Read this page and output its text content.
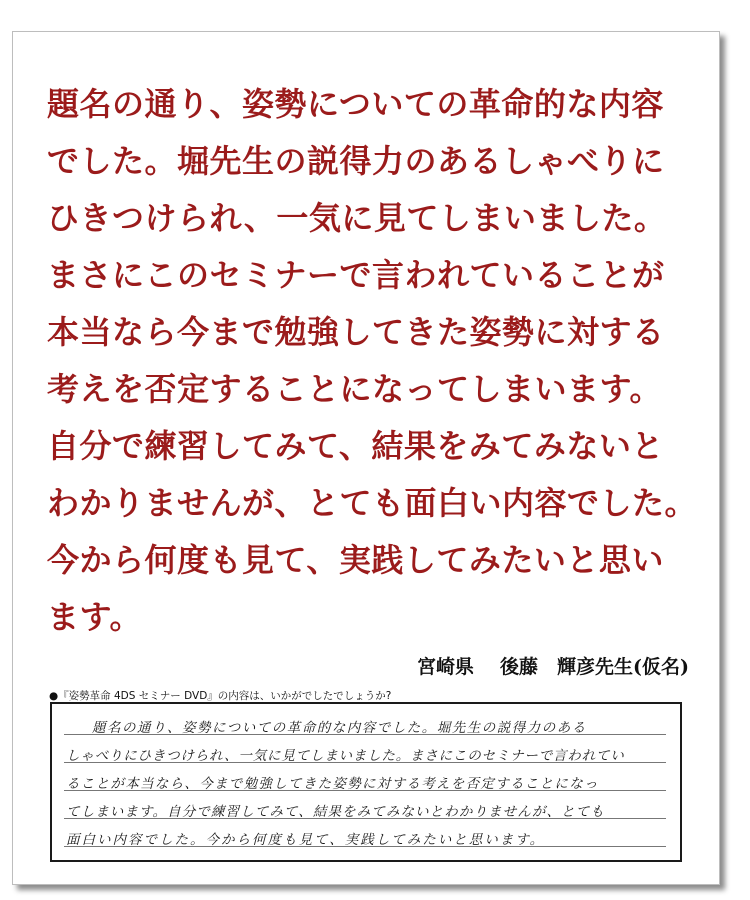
題名の通り、姿勢についての革命的な内容
でした。堀先生の説得力のあるしゃべりに
ひきつけられ、一気に見てしまいました。
まさにこのセミナーで言われていることが
本当なら今まで勉強してきた姿勢に対する
考えを否定することになってしまいます。
自分で練習してみて、結果をみてみないと
わかりませんが、とても面白い内容でした。
今から何度も見て、実践してみたいと思い
ます。
宮崎県 後藤　輝彦先生(仮名)
●『姿勢革命 4DS セミナー DVD』の内容は、いかがでしたでしょうか?
題名の通り、姿勢についての革命的な内容でした。堀先生の説得力のある
しゃべりにひきつけられ、一気に見てしまいました。まさにこのセミナーで言われてい
ることが本当なら、今まで勉強してきた姿勢に対する考えを否定することになっ
てしまいます。自分で練習してみて、結果をみてみないとわかりませんが、とても
面白い内容でした。今から何度も見て、実践してみたいと思います。
